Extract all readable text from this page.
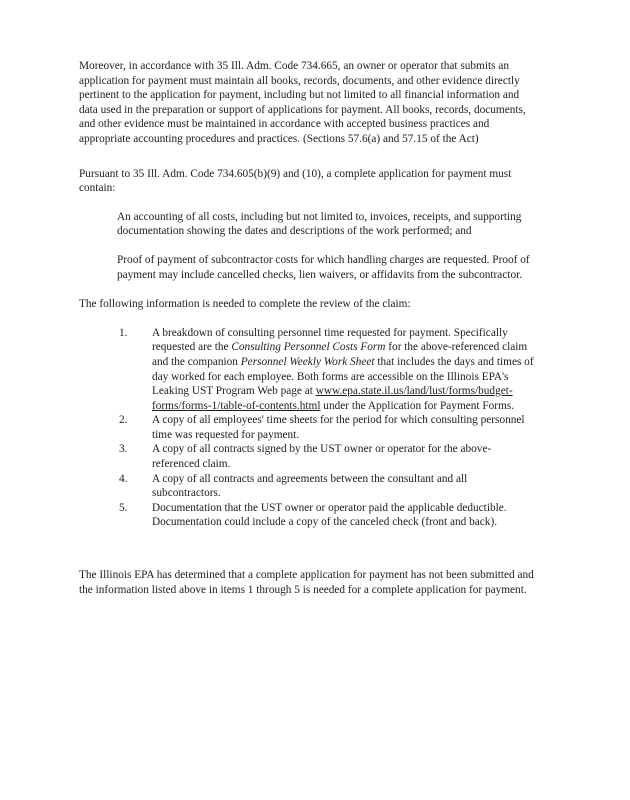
Moreover, in accordance with 35 Ill. Adm. Code 734.665, an owner or operator that submits an application for payment must maintain all books, records, documents, and other evidence directly pertinent to the application for payment, including but not limited to all financial information and data used in the preparation or support of applications for payment. All books, records, documents, and other evidence must be maintained in accordance with accepted business practices and appropriate accounting procedures and practices. (Sections 57.6(a) and 57.15 of the Act)

Pursuant to 35 Ill. Adm. Code 734.605(b)(9) and (10), a complete application for payment must contain:

An accounting of all costs, including but not limited to, invoices, receipts, and supporting documentation showing the dates and descriptions of the work performed; and

Proof of payment of subcontractor costs for which handling charges are requested. Proof of payment may include cancelled checks, lien waivers, or affidavits from the subcontractor.

The following information is needed to complete the review of the claim:

1. A breakdown of consulting personnel time requested for payment. Specifically requested are the Consulting Personnel Costs Form for the above-referenced claim and the companion Personnel Weekly Work Sheet that includes the days and times of day worked for each employee. Both forms are accessible on the Illinois EPA's Leaking UST Program Web page at www.epa.state.il.us/land/lust/forms/budget-forms/forms-1/table-of-contents.html under the Application for Payment Forms.
2. A copy of all employees' time sheets for the period for which consulting personnel time was requested for payment.
3. A copy of all contracts signed by the UST owner or operator for the above-referenced claim.
4. A copy of all contracts and agreements between the consultant and all subcontractors.
5. Documentation that the UST owner or operator paid the applicable deductible. Documentation could include a copy of the canceled check (front and back).

The Illinois EPA has determined that a complete application for payment has not been submitted and the information listed above in items 1 through 5 is needed for a complete application for payment.
